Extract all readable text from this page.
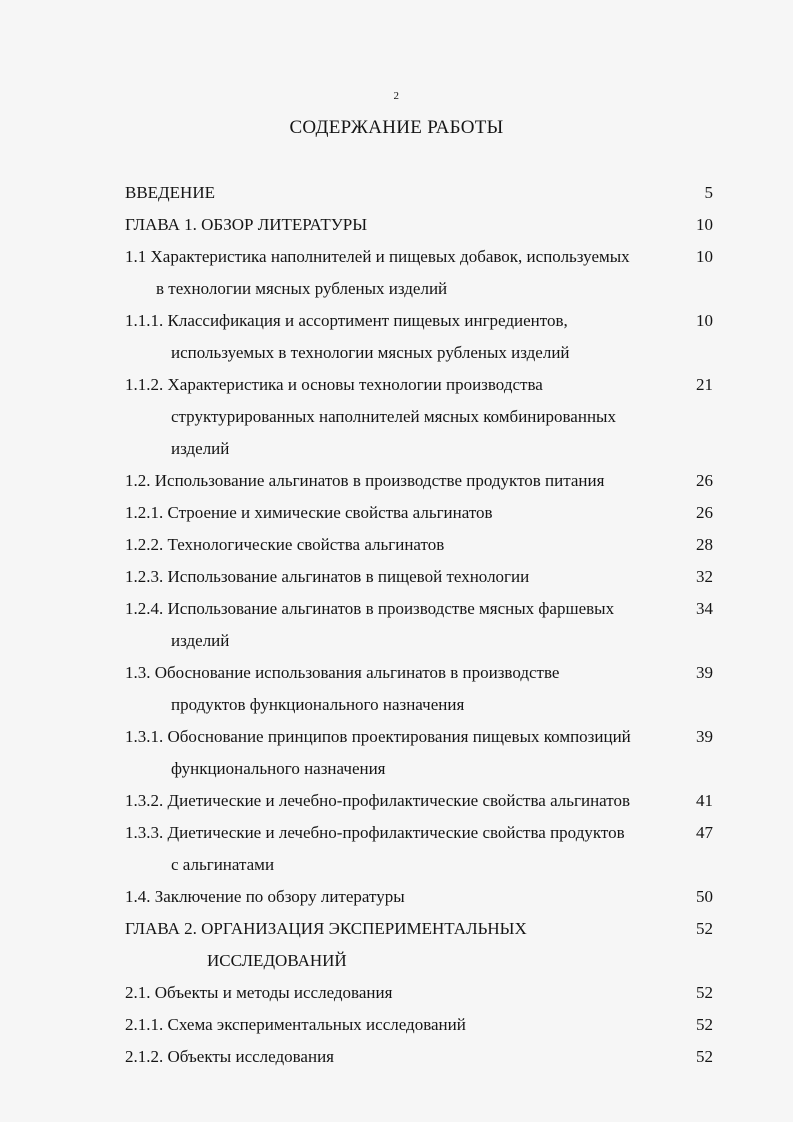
2
СОДЕРЖАНИЕ РАБОТЫ
ВВЕДЕНИЕ	5
ГЛАВА 1. ОБЗОР ЛИТЕРАТУРЫ	10
1.1 Характеристика наполнителей и пищевых добавок, используемых	10
в технологии мясных рубленых изделий
1.1.1. Классификация и ассортимент пищевых ингредиентов,	10
используемых в технологии мясных рубленых изделий
1.1.2. Характеристика и основы технологии производства	21
структурированных наполнителей мясных комбинированных
изделий
1.2. Использование альгинатов в производстве продуктов питания	26
1.2.1. Строение и химические свойства альгинатов	26
1.2.2. Технологические свойства альгинатов	28
1.2.3. Использование альгинатов в пищевой технологии	32
1.2.4. Использование альгинатов в производстве мясных фаршевых	34
изделий
1.3. Обоснование использования альгинатов в производстве	39
продуктов функционального назначения
1.3.1. Обоснование принципов проектирования пищевых композиций	39
функционального назначения
1.3.2. Диетические и лечебно-профилактические свойства альгинатов	41
1.3.3. Диетические и лечебно-профилактические свойства продуктов	47
с альгинатами
1.4. Заключение по обзору литературы	50
ГЛАВА 2. ОРГАНИЗАЦИЯ ЭКСПЕРИМЕНТАЛЬНЫХ	52
ИССЛЕДОВАНИЙ
2.1. Объекты и методы исследования	52
2.1.1. Схема экспериментальных исследований	52
2.1.2. Объекты исследования	52
